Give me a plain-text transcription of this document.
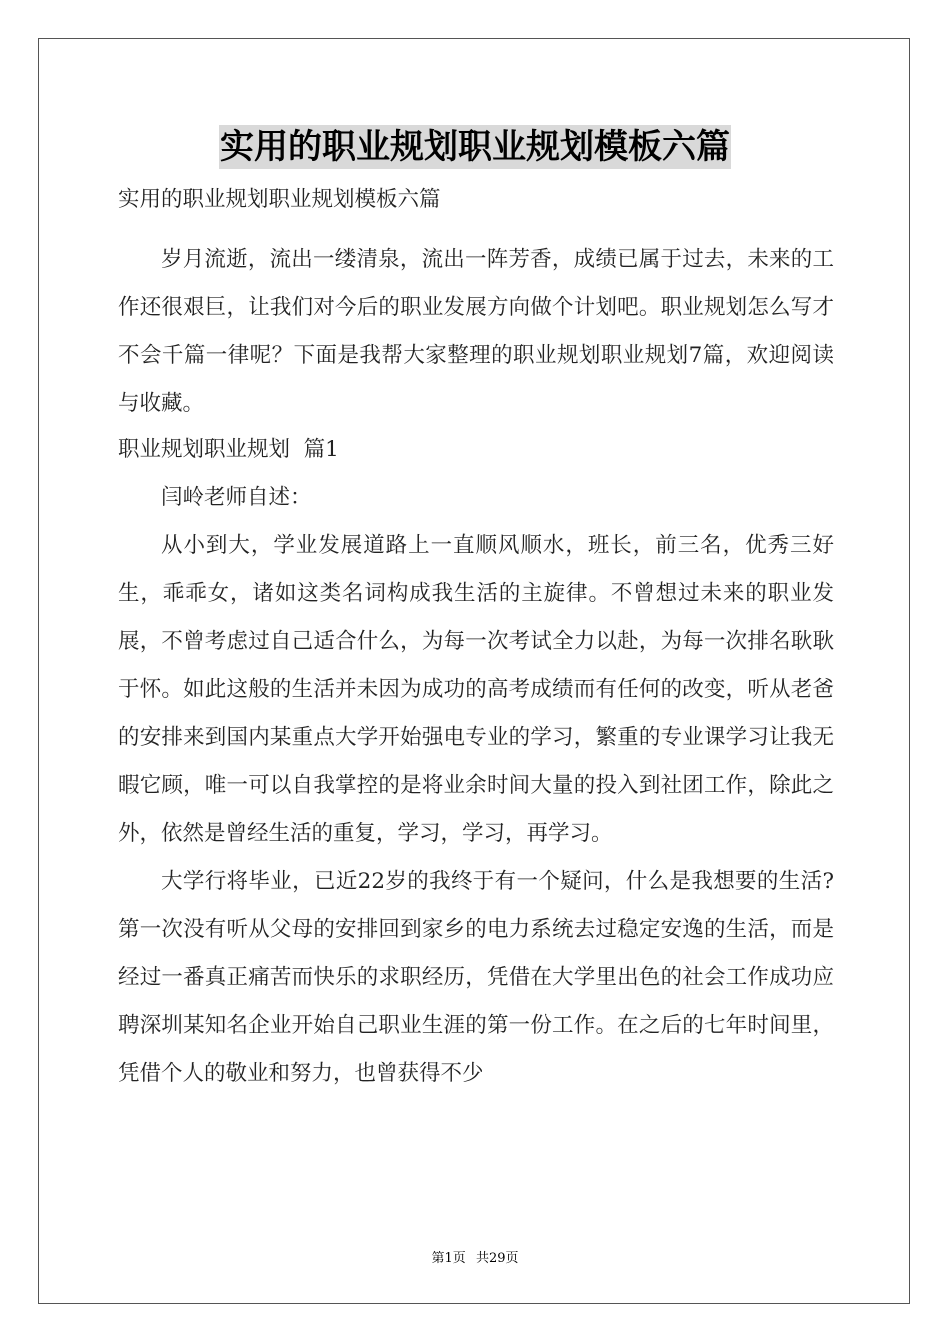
实用的职业规划职业规划模板六篇

实用的职业规划职业规划模板六篇

岁月流逝，流出一缕清泉，流出一阵芳香，成绩已属于过去，未来的工作还很艰巨，让我们对今后的职业发展方向做个计划吧。职业规划怎么写才不会千篇一律呢？下面是我帮大家整理的职业规划职业规划7篇，欢迎阅读与收藏。

职业规划职业规划  篇1

闫岭老师自述：

从小到大，学业发展道路上一直顺风顺水，班长，前三名，优秀三好生，乖乖女，诸如这类名词构成我生活的主旋律。不曾想过未来的职业发展，不曾考虑过自己适合什么，为每一次考试全力以赴，为每一次排名耿耿于怀。如此这般的生活并未因为成功的高考成绩而有任何的改变，听从老爸的安排来到国内某重点大学开始强电专业的学习，繁重的专业课学习让我无暇它顾，唯一可以自我掌控的是将业余时间大量的投入到社团工作，除此之外，依然是曾经生活的重复，学习，学习，再学习。

大学行将毕业，已近22岁的我终于有一个疑问，什么是我想要的生活?第一次没有听从父母的安排回到家乡的电力系统去过稳定安逸的生活，而是经过一番真正痛苦而快乐的求职经历，凭借在大学里出色的社会工作成功应聘深圳某知名企业开始自己职业生涯的第一份工作。在之后的七年时间里，凭借个人的敬业和努力，也曾获得不少

第1页 共29页
